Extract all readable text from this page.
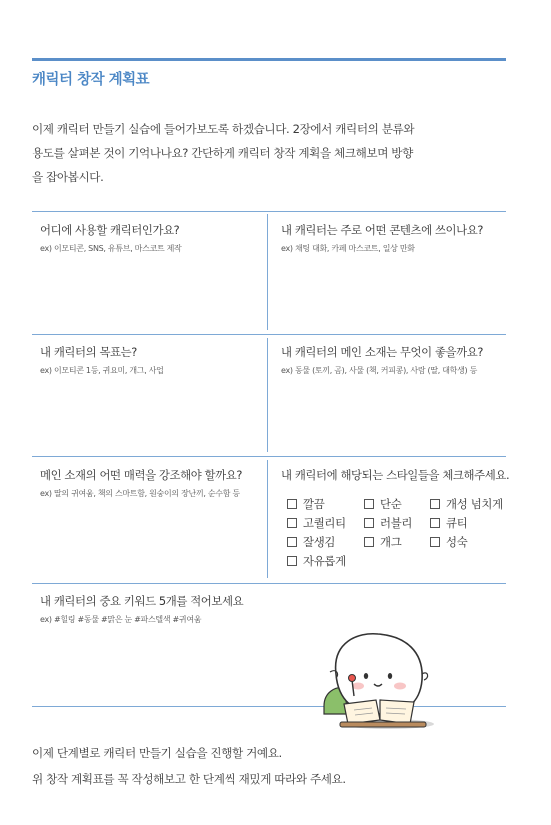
캐릭터 창작 계획표
이제 캐릭터 만들기 실습에 들어가보도록 하겠습니다. 2장에서 캐릭터의 분류와
용도를 살펴본 것이 기억나나요? 간단하게 캐릭터 창작 계획을 체크해보며 방향
을 잡아봅시다.
어디에 사용할 캐릭터인가요?
ex) 이모티콘, SNS, 유튜브, 마스코트 제작
내 캐릭터는 주로 어떤 콘텐츠에 쓰이나요?
ex) 채팅 대화, 카페 마스코트, 일상 만화
내 캐릭터의 목표는?
ex) 이모티콘 1등, 귀요미, 개그, 사업
내 캐릭터의 메인 소재는 무엇이 좋을까요?
ex) 동물 (토끼, 곰), 사물 (책, 커피콩), 사람 (딸, 대학생) 등
메인 소재의 어떤 매력을 강조해야 할까요?
ex) 딸의 귀여움, 책의 스마트함, 원숭이의 장난끼, 순수함 등
내 캐릭터에 해당되는 스타일들을 체크해주세요.
깔끔	단순	개성 넘치게
고퀄리티	러블리	큐티
잘생김	개그	성숙
자유롭게
내 캐릭터의 중요 키워드 5개를 적어보세요
ex) #힐링 #동물 #맑은 눈 #파스텔색 #귀여움
이제 단계별로 캐릭터 만들기 실습을 진행할 거예요.
위 창작 계획표를 꼭 작성해보고 한 단계씩 재밌게 따라와 주세요.
